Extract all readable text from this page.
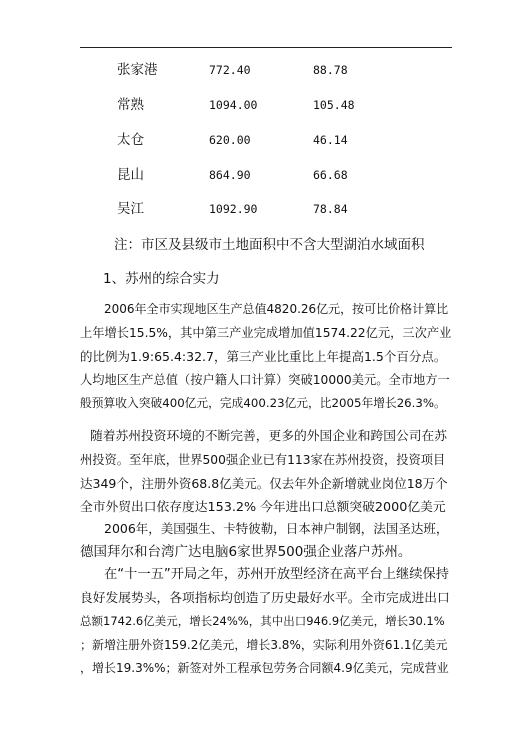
张家港	772.40	88.78
常熟	1094.00	105.48
太仓	620.00	46.14
昆山	864.90	66.68
吴江	1092.90	78.84
注：市区及县级市土地面积中不含大型湖泊水域面积
1、苏州的综合实力
2006年全市实现地区生产总值4820.26亿元，按可比价格计算比
上年增长15.5%，其中第三产业完成增加值1574.22亿元，三次产业
的比例为1.9:65.4:32.7，第三产业比重比上年提高1.5个百分点。
人均地区生产总值（按户籍人口计算）突破10000美元。全市地方一
般预算收入突破400亿元，完成400.23亿元，比2005年增长26.3%。
随着苏州投资环境的不断完善，更多的外国企业和跨国公司在苏
州投资。至年底，世界500强企业已有113家在苏州投资，投资项目
达349个，注册外资68.8亿美元。仅去年外企新增就业岗位18万个
全市外贸出口依存度达153.2% 今年进出口总额突破2000亿美元
2006年，美国强生、卡特彼勒，日本神户制钢，法国圣达班，
德国拜尔和台湾广达电脑6家世界500强企业落户苏州。
在“十一五”开局之年，苏州开放型经济在高平台上继续保持
良好发展势头，各项指标均创造了历史最好水平。全市完成进出口
总额1742.6亿美元，增长24%%，其中出口946.9亿美元，增长30.1%
；新增注册外资159.2亿美元，增长3.8%，实际利用外资61.1亿美元
，增长19.3%%；新签对外工程承包劳务合同额4.9亿美元，完成营业
